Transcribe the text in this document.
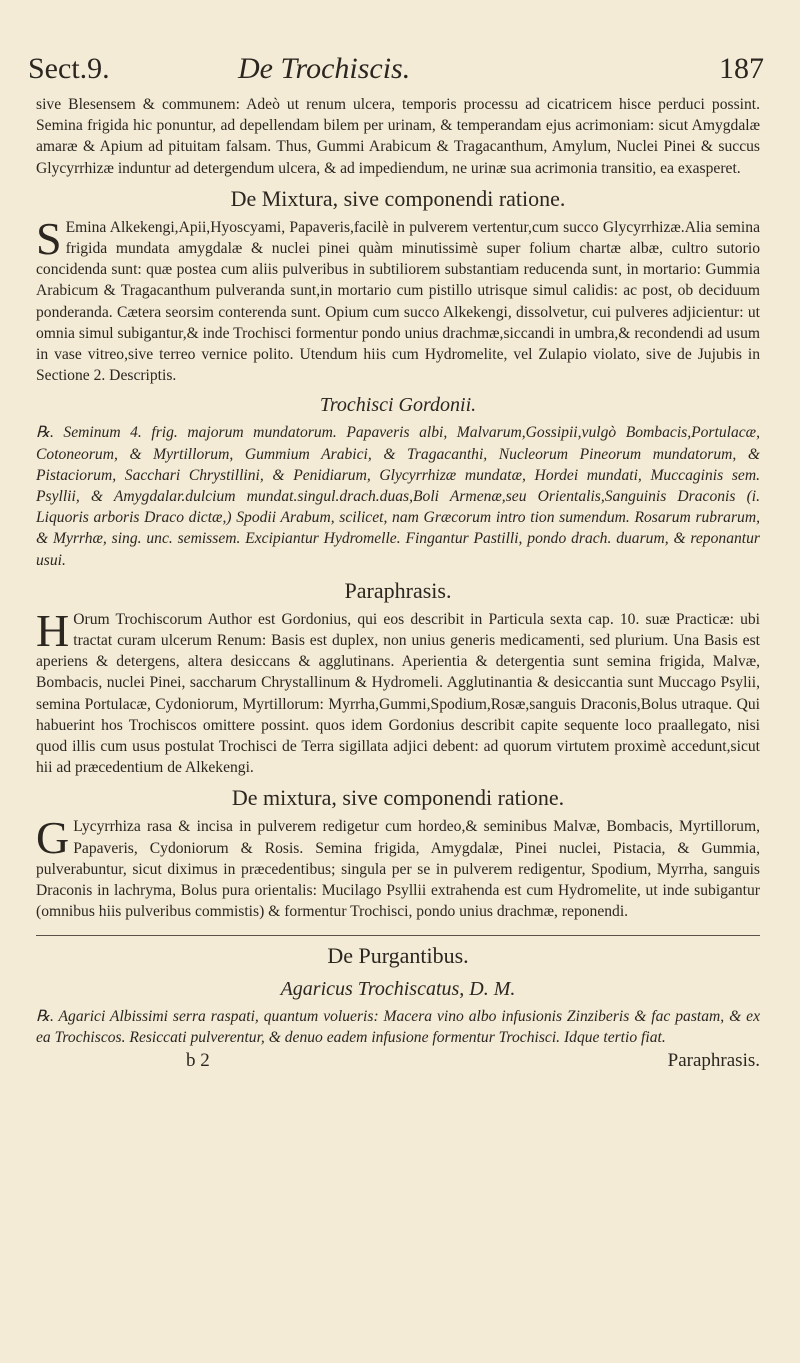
Sect.9.	De Trochiscis.	187

sive Blesensem & communem: Adeò ut renum ulcera, temporis processu ad cicatricem hisce perduci possint. Semina frigida hic ponuntur, ad depellendam bilem per urinam, & temperandam ejus acrimoniam: sicut Amygdalæ amaræ & Apium ad pituitam falsam. Thus, Gummi Arabicum & Tragacanthum, Amylum, Nuclei Pinei & succus Glycyrrhizæ induntur ad detergendum ulcera, & ad impediendum, ne urinæ sua acrimonia transitio, ea exasperet.

De Mixtura, sive componendi ratione.

S Emina Alkekengi,Apii,Hyoscyami, Papaveris,facilè in pulverem vertentur,cum succo Glycyrrhizæ.Alia semina frigida mundata amygdalæ & nuclei pinei quàm minutissimè super folium chartæ albæ, cultro sutorio concidenda sunt: quæ postea cum aliis pulveribus in subtiliorem substantiam reducenda sunt, in mortario: Gummia Arabicum & Tragacanthum pulveranda sunt,in mortario cum pistillo utrisque simul calidis: ac post, ob deciduum ponderanda. Cætera seorsim conterenda sunt. Opium cum succo Alkekengi, dissolvetur, cui pulveres adjicientur: ut omnia simul subigantur,& inde Trochisci formentur pondo unius drachmæ,siccandi in umbra,& recondendi ad usum in vase vitreo,sive terreo vernice polito. Utendum hiis cum Hydromelite, vel Zulapio violato, sive de Jujubis in Sectione 2. Descriptis.

Trochisci Gordonii.

℞. Seminum 4. frig. majorum mundatorum. Papaveris albi, Malvarum,Gossipii,vulgò Bombacis,Portulacæ, Cotoneorum, & Myrtillorum, Gummium Arabici, & Tragacanthi, Nucleorum Pineorum mundatorum, & Pistaciorum, Sacchari Chrystillini, & Penidiarum, Glycyrrhizæ mundatæ, Hordei mundati, Muccaginis sem. Psyllii, & Amygdalar.dulcium mundat.singul.drach.duas,Boli Armenæ,seu Orientalis,Sanguinis Draconis (i. Liquoris arboris Draco dictæ,) Spodii Arabum, scilicet, nam Græcorum intro tion sumendum. Rosarum rubrarum, & Myrrhæ, sing. unc. semissem. Excipiantur Hydromelle. Fingantur Pastilli, pondo drach. duarum, & reponantur usui.

Paraphrasis.

H Orum Trochiscorum Author est Gordonius, qui eos describit in Particula sexta cap. 10. suæ Practicæ: ubi tractat curam ulcerum Renum: Basis est duplex, non unius generis medicamenti, sed plurium. Una Basis est aperiens & detergens, altera desiccans & agglutinans. Aperientia & detergentia sunt semina frigida, Malvæ, Bombacis, nuclei Pinei, saccharum Chrystallinum & Hydromeli. Agglutinantia & desiccantia sunt Muccago Psylii, semina Portulacæ, Cydoniorum, Myrtillorum: Myrrha,Gummi,Spodium,Rosæ,sanguis Draconis,Bolus utraque. Qui habuerint hos Trochiscos omittere possint. quos idem Gordonius describit capite sequente loco praallegato, nisi quod illis cum usus postulat Trochisci de Terra sigillata adjici debent: ad quorum virtutem proximè accedunt,sicut hii ad præcedentium de Alkekengi.

De mixtura, sive componendi ratione.

G Lycyrrhiza rasa & incisa in pulverem redigetur cum hordeo,& seminibus Malvæ, Bombacis, Myrtillorum, Papaveris, Cydoniorum & Rosis. Semina frigida, Amygdalæ, Pinei nuclei, Pistacia, & Gummia, pulverabuntur, sicut diximus in præcedentibus; singula per se in pulverem redigentur, Spodium, Myrrha, sanguis Draconis in lachryma, Bolus pura orientalis: Mucilago Psyllii extrahenda est cum Hydromelite, ut inde subigantur (omnibus hiis pulveribus commistis) & formentur Trochisci, pondo unius drachmæ, reponendi.

De Purgantibus.
Agaricus Trochiscatus, D. M.

℞. Agarici Albissimi serra raspati, quantum volueris: Macera vino albo infusionis Zinziberis & fac pastam, & ex ea Trochiscos. Resiccati pulverentur, & denuo eadem infusione formentur Trochisci. Idque tertio fiat.

b 2	Paraphrasis.
